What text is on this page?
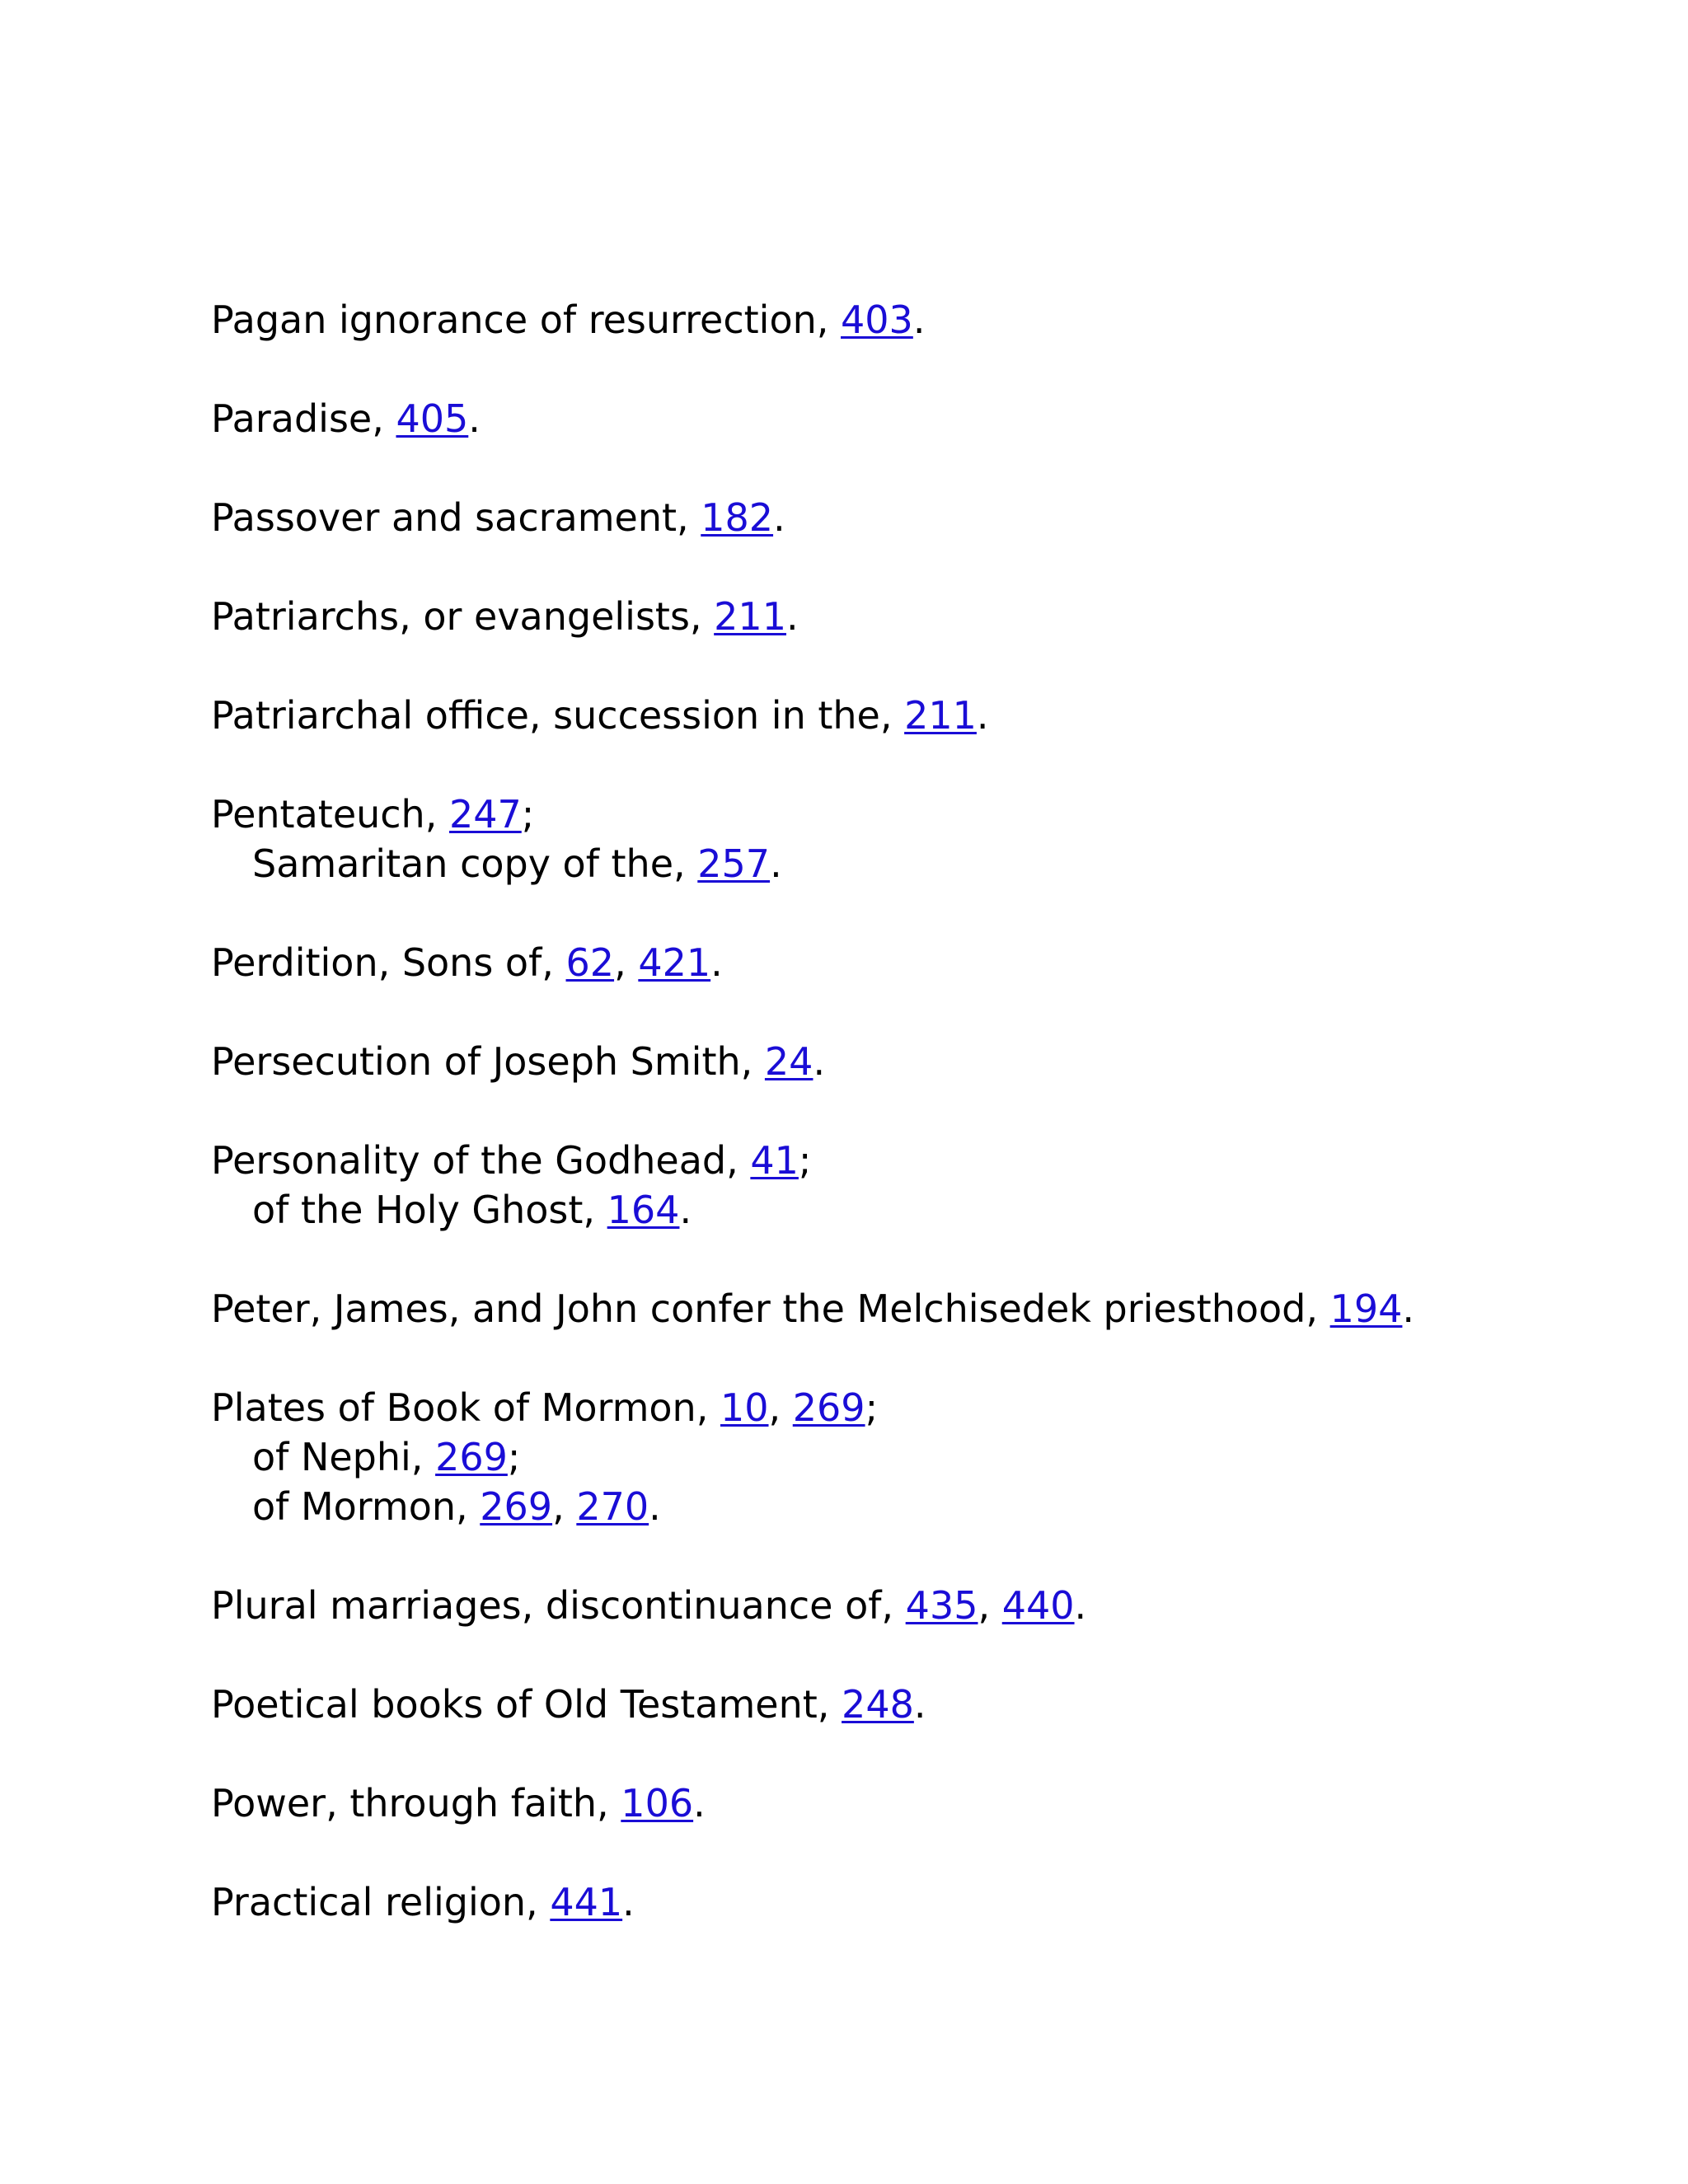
Pagan ignorance of resurrection, 403.
Paradise, 405.
Passover and sacrament, 182.
Patriarchs, or evangelists, 211.
Patriarchal office, succession in the, 211.
Pentateuch, 247;
Samaritan copy of the, 257.
Perdition, Sons of, 62, 421.
Persecution of Joseph Smith, 24.
Personality of the Godhead, 41;
of the Holy Ghost, 164.
Peter, James, and John confer the Melchisedek priesthood, 194.
Plates of Book of Mormon, 10, 269;
of Nephi, 269;
of Mormon, 269, 270.
Plural marriages, discontinuance of, 435, 440.
Poetical books of Old Testament, 248.
Power, through faith, 106.
Practical religion, 441.
